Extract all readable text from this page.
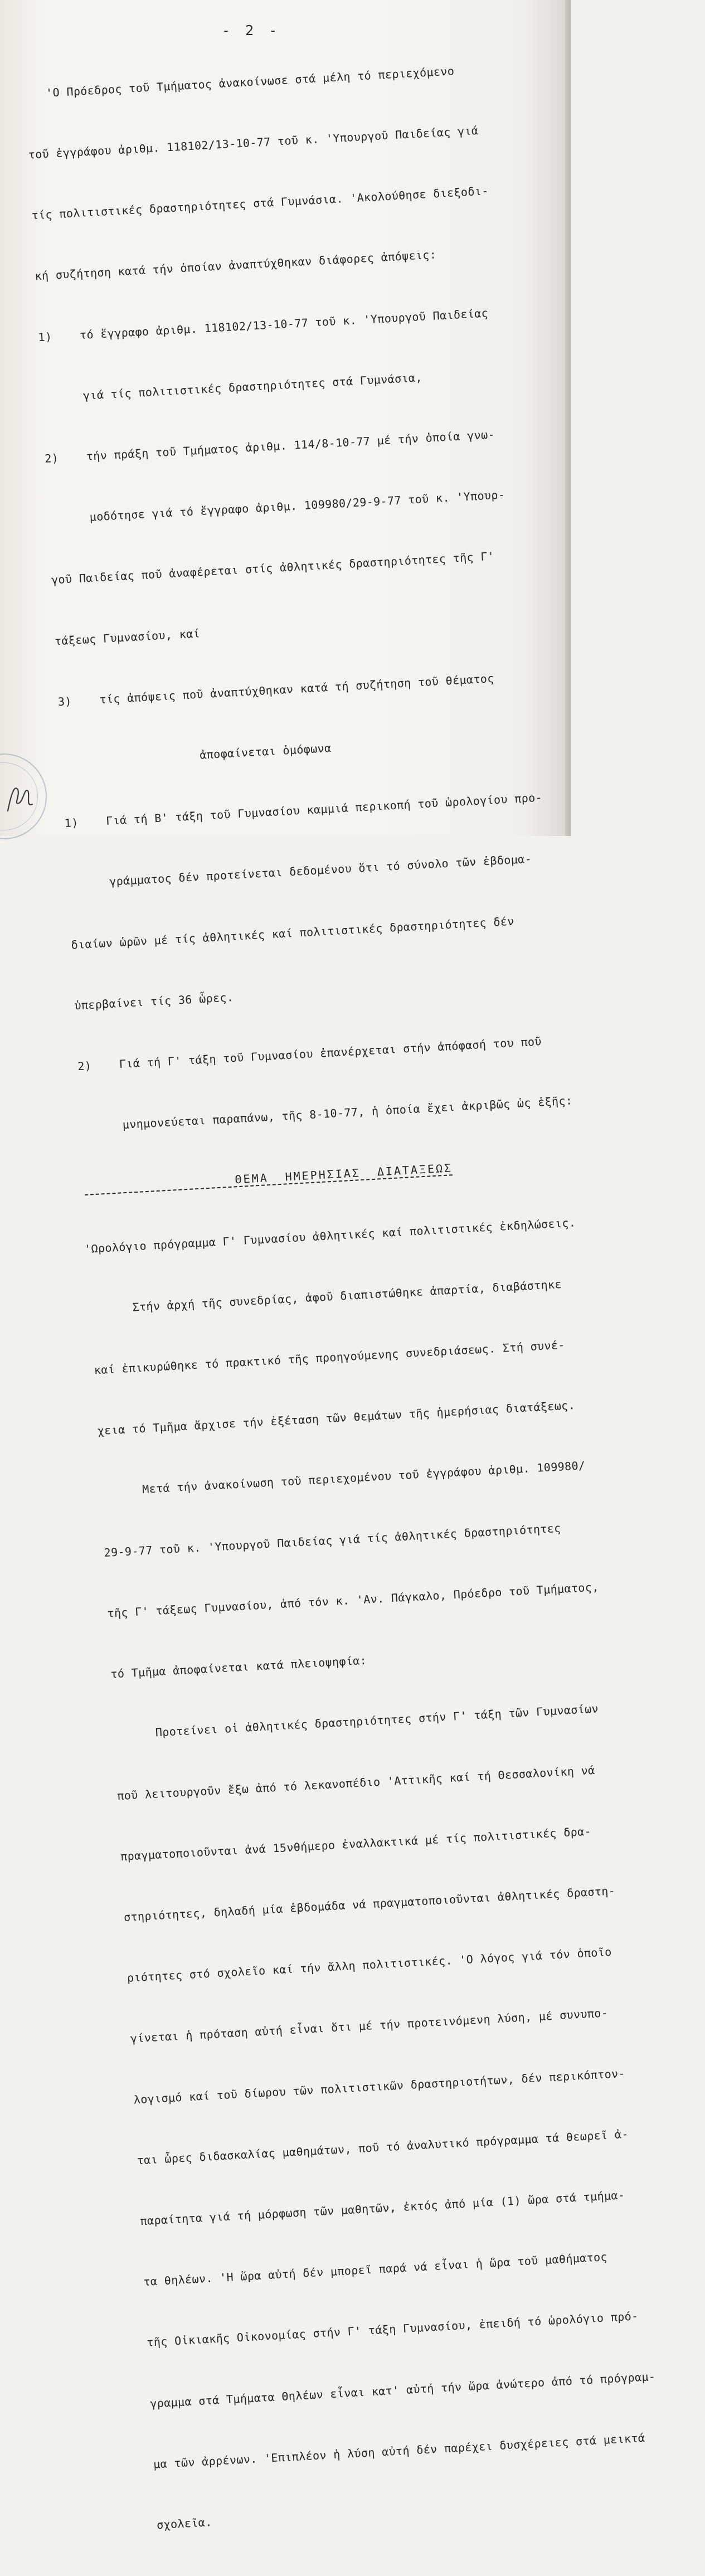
- 2 -

'Ο Πρόεδρος τοῦ Τμήματος ἀνακοίνωσε στά μέλη τό περιεχόμενο

τοῦ ἐγγράφου ἀριθμ. 118102/13-10-77 τοῦ κ. 'Υπουργοῦ Παιδείας γιά

τίς πολιτιστικές δραστηριότητες στά Γυμνάσια. 'Ακολούθησε διεξοδι-

κή συζήτηση κατά τήν ὁποίαν ἀναπτύχθηκαν διάφορες ἀπόψεις:

1)    τό ἔγγραφο ἀριθμ. 118102/13-10-77 τοῦ κ. 'Υπουργοῦ Παιδείας

γιά τίς πολιτιστικές δραστηριότητες στά Γυμνάσια,

2)    τήν πράξη τοῦ Τμήματος ἀριθμ. 114/8-10-77 μέ τήν ὁποία γνω-

μοδότησε γιά τό ἔγγραφο ἀριθμ. 109980/29-9-77 τοῦ κ. 'Υπουρ-

γοῦ Παιδείας ποῦ ἀναφέρεται στίς ἀθλητικές δραστηριότητες τῆς Γ'

τάξεως Γυμνασίου, καί

3)    τίς ἀπόψεις ποῦ ἀναπτύχθηκαν κατά τή συζήτηση τοῦ θέματος

ἀποφαίνεται ὁμόφωνα

1)    Γιά τή Β' τάξη τοῦ Γυμνασίου καμμιά περικοπή τοῦ ὡρολογίου προ-

γράμματος δέν προτείνεται δεδομένου ὅτι τό σύνολο τῶν ἑβδομα-

διαίων ὡρῶν μέ τίς ἀθλητικές καί πολιτιστικές δραστηριότητες δέν

ὑπερβαίνει τίς 36 ὧρες.

2)    Γιά τή Γ' τάξη τοῦ Γυμνασίου ἐπανέρχεται στήν ἀπόφασή του ποῦ

μνημονεύεται παραπάνω, τῆς 8-10-77, ἡ ὁποία ἔχει ἀκριβῶς ὡς ἑξῆς:

ΘΕΜΑ  ΗΜΕΡΗΣΙΑΣ  ΔΙΑΤΑΞΕΩΣ

'Ωρολόγιο πρόγραμμα Γ' Γυμνασίου ἀθλητικές καί πολιτιστικές ἐκδηλώσεις.

Στήν ἀρχή τῆς συνεδρίας, ἀφοῦ διαπιστώθηκε ἀπαρτία, διαβάστηκε

καί ἐπικυρώθηκε τό πρακτικό τῆς προηγούμενης συνεδριάσεως. Στή συνέ-

χεια τό Τμῆμα ἄρχισε τήν ἐξέταση τῶν θεμάτων τῆς ἡμερήσιας διατάξεως.

Μετά τήν ἀνακοίνωση τοῦ περιεχομένου τοῦ ἐγγράφου ἀριθμ. 109980/

29-9-77 τοῦ κ. 'Υπουργοῦ Παιδείας γιά τίς ἀθλητικές δραστηριότητες

τῆς Γ' τάξεως Γυμνασίου, ἀπό τόν κ. 'Αν. Πάγκαλο, Πρόεδρο τοῦ Τμήματος,

τό Τμῆμα ἀποφαίνεται κατά πλειοψηφία:

Προτείνει οἱ ἀθλητικές δραστηριότητες στήν Γ' τάξη τῶν Γυμνασίων

ποῦ λειτουργοῦν ἔξω ἀπό τό λεκανοπέδιο 'Αττικῆς καί τή Θεσσαλονίκη νά

πραγματοποιοῦνται ἀνά 15νθήμερο ἐναλλακτικά μέ τίς πολιτιστικές δρα-

στηριότητες, δηλαδή μία ἑβδομάδα νά πραγματοποιοῦνται ἀθλητικές δραστη-

ριότητες στό σχολεῖο καί τήν ἄλλη πολιτιστικές. 'Ο λόγος γιά τόν ὁποῖο

γίνεται ἡ πρόταση αὐτή εἶναι ὅτι μέ τήν προτεινόμενη λύση, μέ συνυπο-

λογισμό καί τοῦ δίωρου τῶν πολιτιστικῶν δραστηριοτήτων, δέν περικόπτον-

ται ὧρες διδασκαλίας μαθημάτων, ποῦ τό ἀναλυτικό πρόγραμμα τά θεωρεῖ ἀ-

παραίτητα γιά τή μόρφωση τῶν μαθητῶν, ἐκτός ἀπό μία (1) ὥρα στά τμήμα-

τα θηλέων. 'Η ὥρα αὐτή δέν μπορεῖ παρά νά εἶναι ἡ ὥρα τοῦ μαθήματος

τῆς Οἰκιακῆς Οἰκονομίας στήν Γ' τάξη Γυμνασίου, ἐπειδή τό ὡρολόγιο πρό-

γραμμα στά Τμήματα Θηλέων εἶναι κατ' αὐτή τήν ὥρα ἀνώτερο ἀπό τό πρόγραμ-

μα τῶν ἀρρένων. 'Επιπλέον ἡ λύση αὐτή δέν παρέχει δυσχέρειες στά μεικτά

σχολεῖα.
